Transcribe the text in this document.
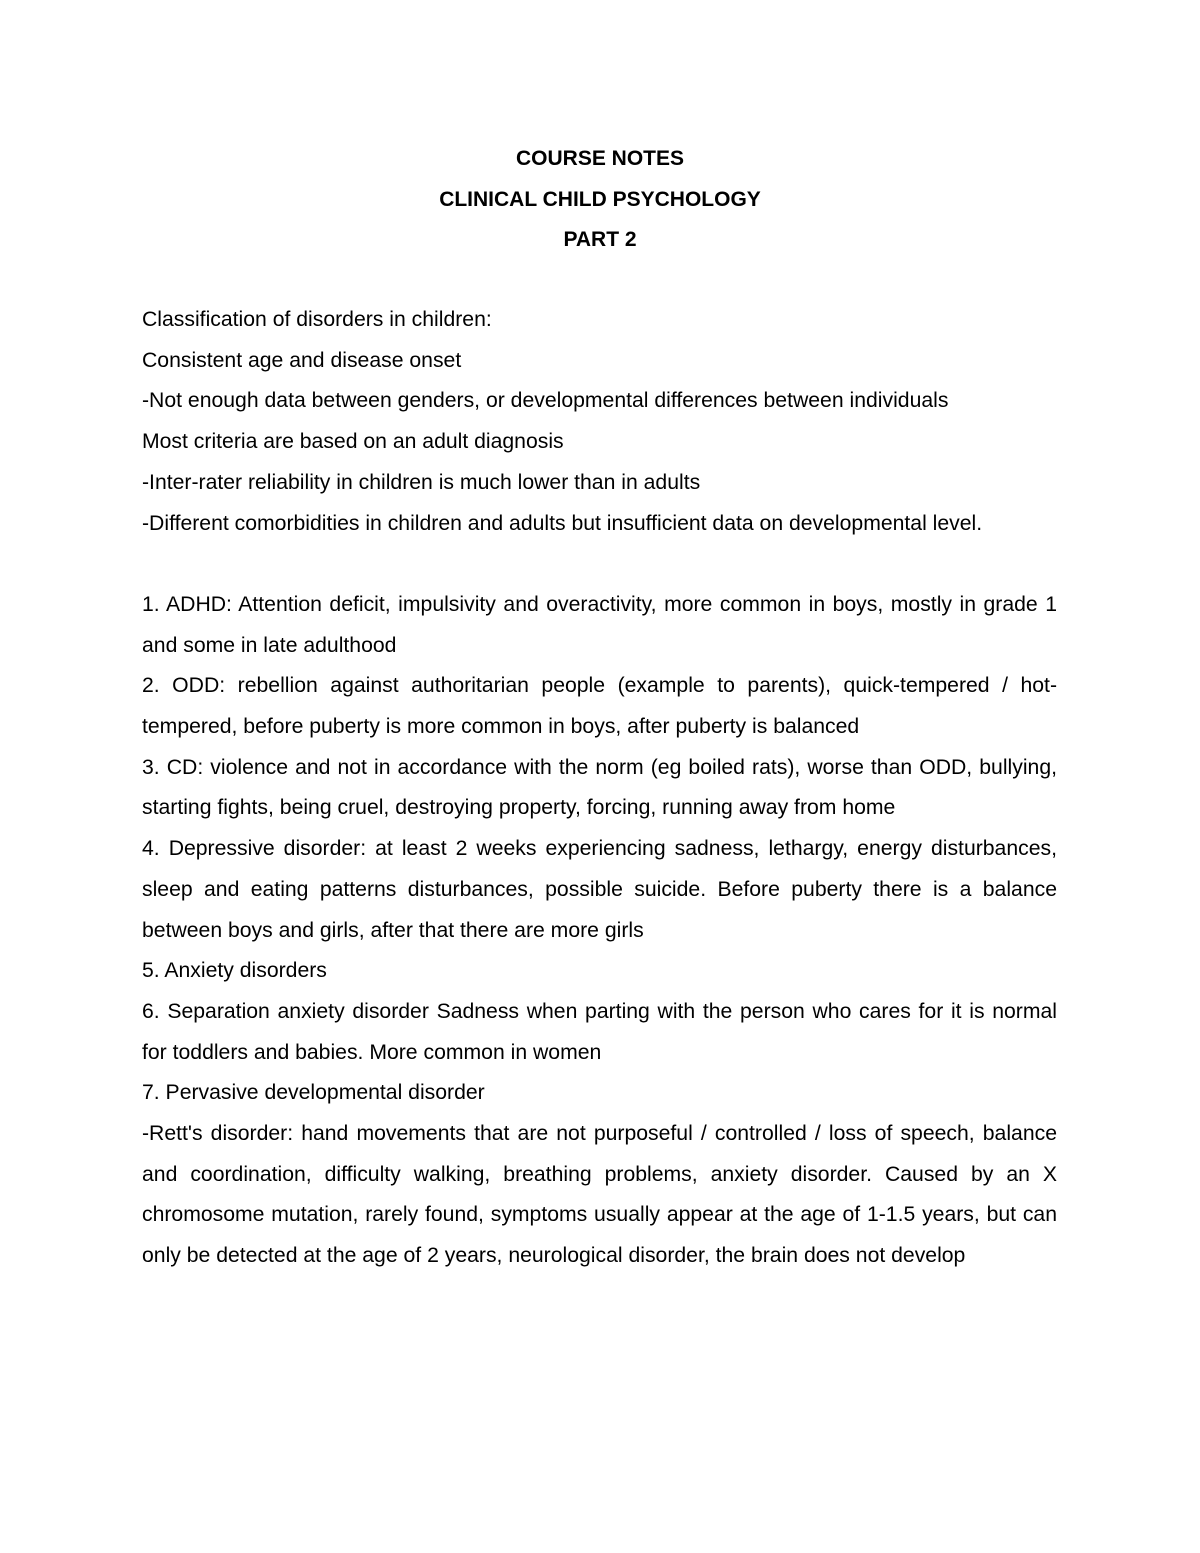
COURSE NOTES
CLINICAL CHILD PSYCHOLOGY
PART 2

Classification of disorders in children:

Consistent age and disease onset

-Not enough data between genders, or developmental differences between individuals

Most criteria are based on an adult diagnosis

-Inter-rater reliability in children is much lower than in adults

-Different comorbidities in children and adults but insufficient data on developmental level.

1. ADHD: Attention deficit, impulsivity and overactivity, more common in boys, mostly in grade 1 and some in late adulthood

2. ODD: rebellion against authoritarian people (example to parents), quick-tempered / hot-tempered, before puberty is more common in boys, after puberty is balanced

3. CD: violence and not in accordance with the norm (eg boiled rats), worse than ODD, bullying, starting fights, being cruel, destroying property, forcing, running away from home

4. Depressive disorder: at least 2 weeks experiencing sadness, lethargy, energy disturbances, sleep and eating patterns disturbances, possible suicide. Before puberty there is a balance between boys and girls, after that there are more girls

5. Anxiety disorders

6. Separation anxiety disorder Sadness when parting with the person who cares for it is normal for toddlers and babies. More common in women

7. Pervasive developmental disorder

-Rett's disorder: hand movements that are not purposeful / controlled / loss of speech, balance and coordination, difficulty walking, breathing problems, anxiety disorder. Caused by an X chromosome mutation, rarely found, symptoms usually appear at the age of 1-1.5 years, but can only be detected at the age of 2 years, neurological disorder, the brain does not develop
